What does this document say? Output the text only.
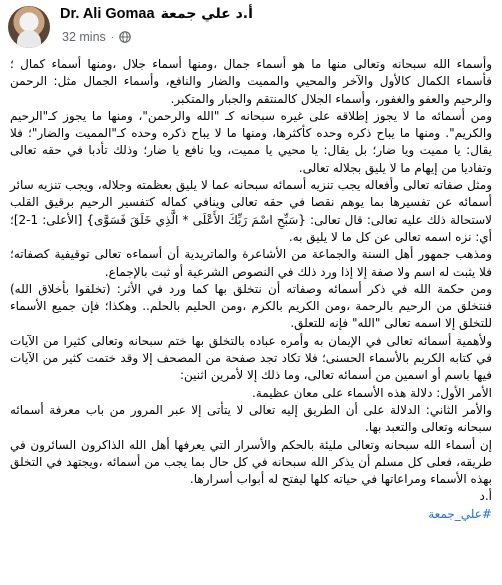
Dr. Ali Gomaa أ.د علي جمعة
32 mins ·

وأسماء الله سبحانه وتعالى منها ما هو أسماء جمال ،ومنها أسماء جلال ،ومنها أسماء كمال ؛ فأسماء الكمال كالأول والآخر والمحيي والمميت والضار والنافع، وأسماء الجمال مثل: الرحمن والرحيم والعفو والغفور، وأسماء الجلال كالمنتقم والجبار والمتكبر.

ومن أسمائه ما لا يجوز إطلاقه على غيره سبحانه كـ "الله والرحمن"، ومنها ما يجوز كـ"الرحيم والكريم". ومنها ما يباح ذكره وحده كأكثرها، ومنها ما لا يباح ذكره وحده كـ"المميت والضار"؛ فلا يقال: يا مميت ويا ضار؛ بل يقال: يا محيي يا مميت، ويا نافع يا ضار؛ وذلك تأدبا في حقه تعالى وتفاديا من إيهام ما لا يليق بجلاله تعالى.

ومثل صفاته تعالى وأفعاله يجب تنزيه أسمائه سبحانه عما لا يليق بعظمته وجلاله، ويجب تنزيه سائر أسمائه عن تفسيرها بما يوهم نقصا في حقه تعالى وينافي كماله كتفسير الرحيم برقيق القلب لاستحالة ذلك عليه تعالى: قال تعالى: {سَبِّحِ اسْمَ رَبِّكَ الأَعْلَى * الَّذِي خَلَقَ فَسَوَّى} [الأعلى: 1-2]؛ أي: نزه اسمه تعالى عن كل ما لا يليق به.

ومذهب جمهور أهل السنة والجماعة من الأشاعرة والماتريدية أن أسماءه تعالى توقيفية كصفاته؛ فلا يثبت له اسم ولا صفة إلا إذا ورد ذلك في النصوص الشرعية أو ثبت بالإجماع.

ومن حكمة الله في ذكر أسمائه وصفاته أن نتخلق بها كما ورد في الأثر: (تخلقوا بأخلاق الله) فنتخلق من الرحيم بالرحمة ،ومن الكريم بالكرم ،ومن الحليم بالحلم.. وهكذا؛ فإن جميع الأسماء للتخلق إلا اسمه تعالى "الله" فإنه للتعلق.

ولأهمية أسمائه تعالى في الإيمان به وأمره عباده بالتخلق بها ختم سبحانه وتعالى كثيرا من الآيات في كتابه الكريم بالأسماء الحسنى؛ فلا تكاد تجد صفحة من المصحف إلا وقد ختمت كثير من الآيات فيها باسم أو اسمين من أسمائه تعالى، وما ذلك إلا لأمرين اثنين:

الأمر الأول: دلالة هذه الأسماء على معان عظيمة.

والأمر الثاني: الدلالة على أن الطريق إليه تعالى لا يتأتى إلا عبر المرور من باب معرفة أسمائه سبحانه وتعالى والتعبد بها.

إن أسماء الله سبحانه وتعالى مليئة بالحكم والأسرار التي يعرفها أهل الله الذاكرون السائرون في طريقه، فعلى كل مسلم أن يذكر الله سبحانه في كل حال بما يجب من أسمائه ،ويجتهد في التخلق بهذه الأسماء ومراعاتها في حياته كلها ليفتح له أبواب أسرارها.

أ.د

#علي_جمعة
